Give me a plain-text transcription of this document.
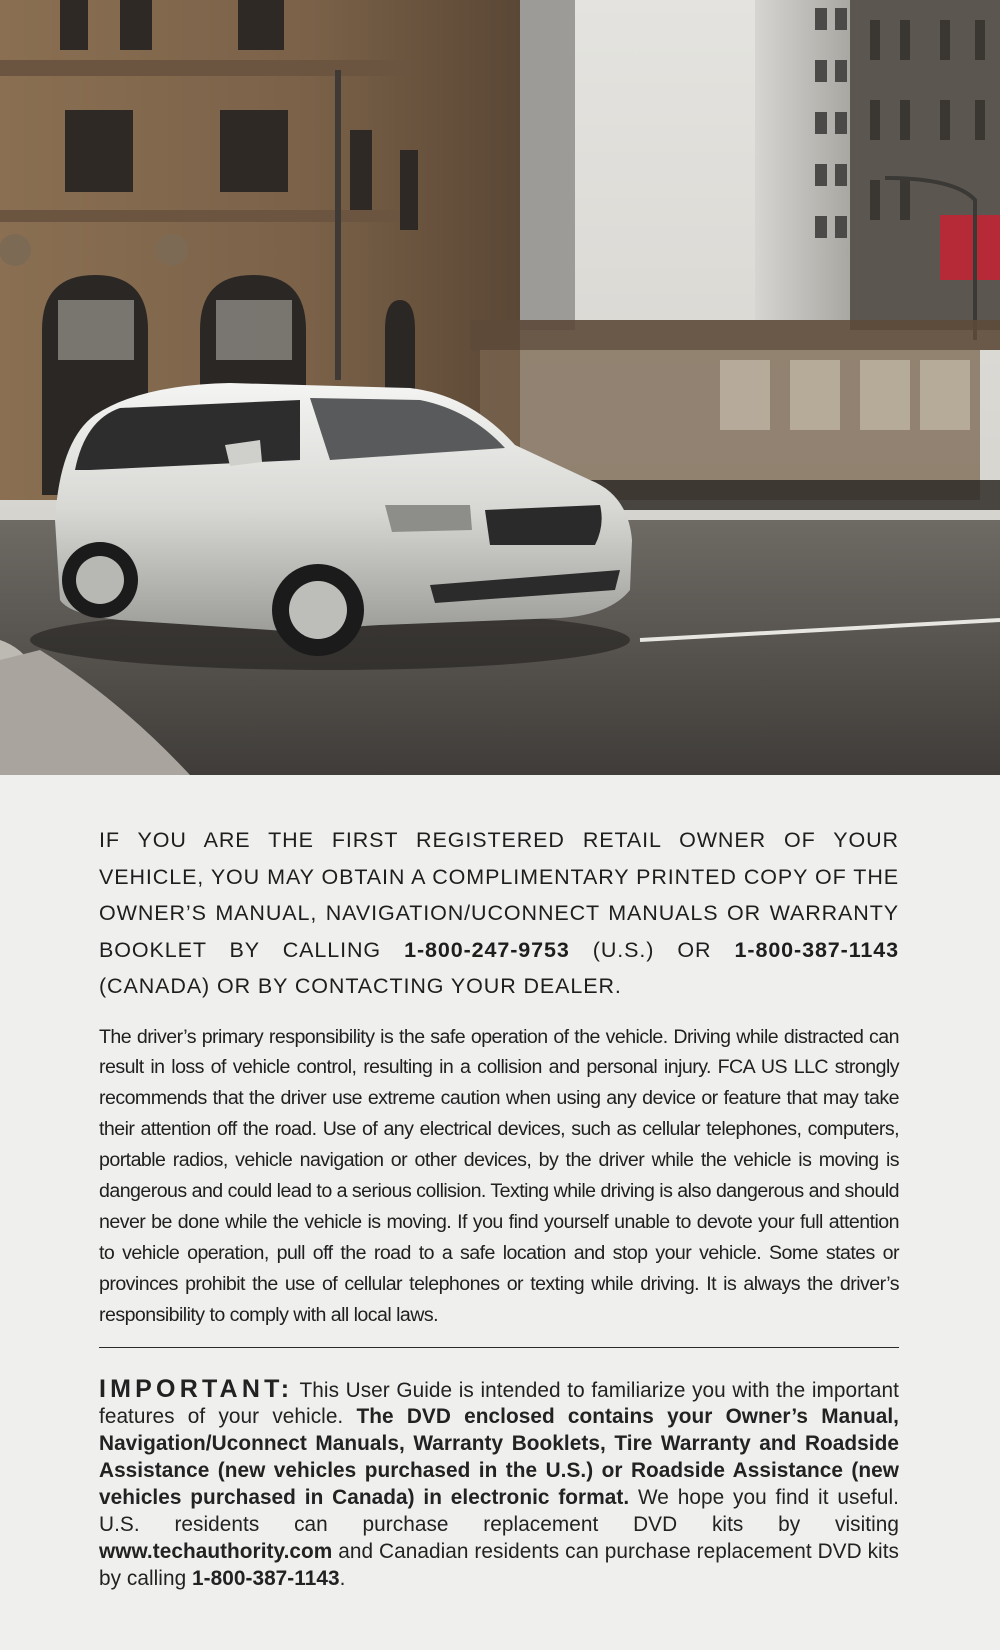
IF YOU ARE THE FIRST REGISTERED RETAIL OWNER OF YOUR VEHICLE, YOU MAY OBTAIN A COMPLIMENTARY PRINTED COPY OF THE OWNER’S MANUAL, NAVIGATION/UCONNECT MANUALS OR WARRANTY BOOKLET BY CALLING 1-800-247-9753 (U.S.) OR 1-800-387-1143 (CANADA) OR BY CONTACTING YOUR DEALER.

The driver’s primary responsibility is the safe operation of the vehicle. Driving while distracted can result in loss of vehicle control, resulting in a collision and personal injury. FCA US LLC strongly recommends that the driver use extreme caution when using any device or feature that may take their attention off the road. Use of any electrical devices, such as cellular telephones, computers, portable radios, vehicle navigation or other devices, by the driver while the vehicle is moving is dangerous and could lead to a serious collision. Texting while driving is also dangerous and should never be done while the vehicle is moving. If you find yourself unable to devote your full attention to vehicle operation, pull off the road to a safe location and stop your vehicle. Some states or provinces prohibit the use of cellular telephones or texting while driving. It is always the driver’s responsibility to comply with all local laws.

IMPORTANT: This User Guide is intended to familiarize you with the important features of your vehicle. The DVD enclosed contains your Owner’s Manual, Navigation/Uconnect Manuals, Warranty Booklets, Tire Warranty and Roadside Assistance (new vehicles purchased in the U.S.) or Roadside Assistance (new vehicles purchased in Canada) in electronic format. We hope you find it useful. U.S. residents can purchase replacement DVD kits by visiting www.techauthority.com and Canadian residents can purchase replacement DVD kits by calling 1-800-387-1143.
